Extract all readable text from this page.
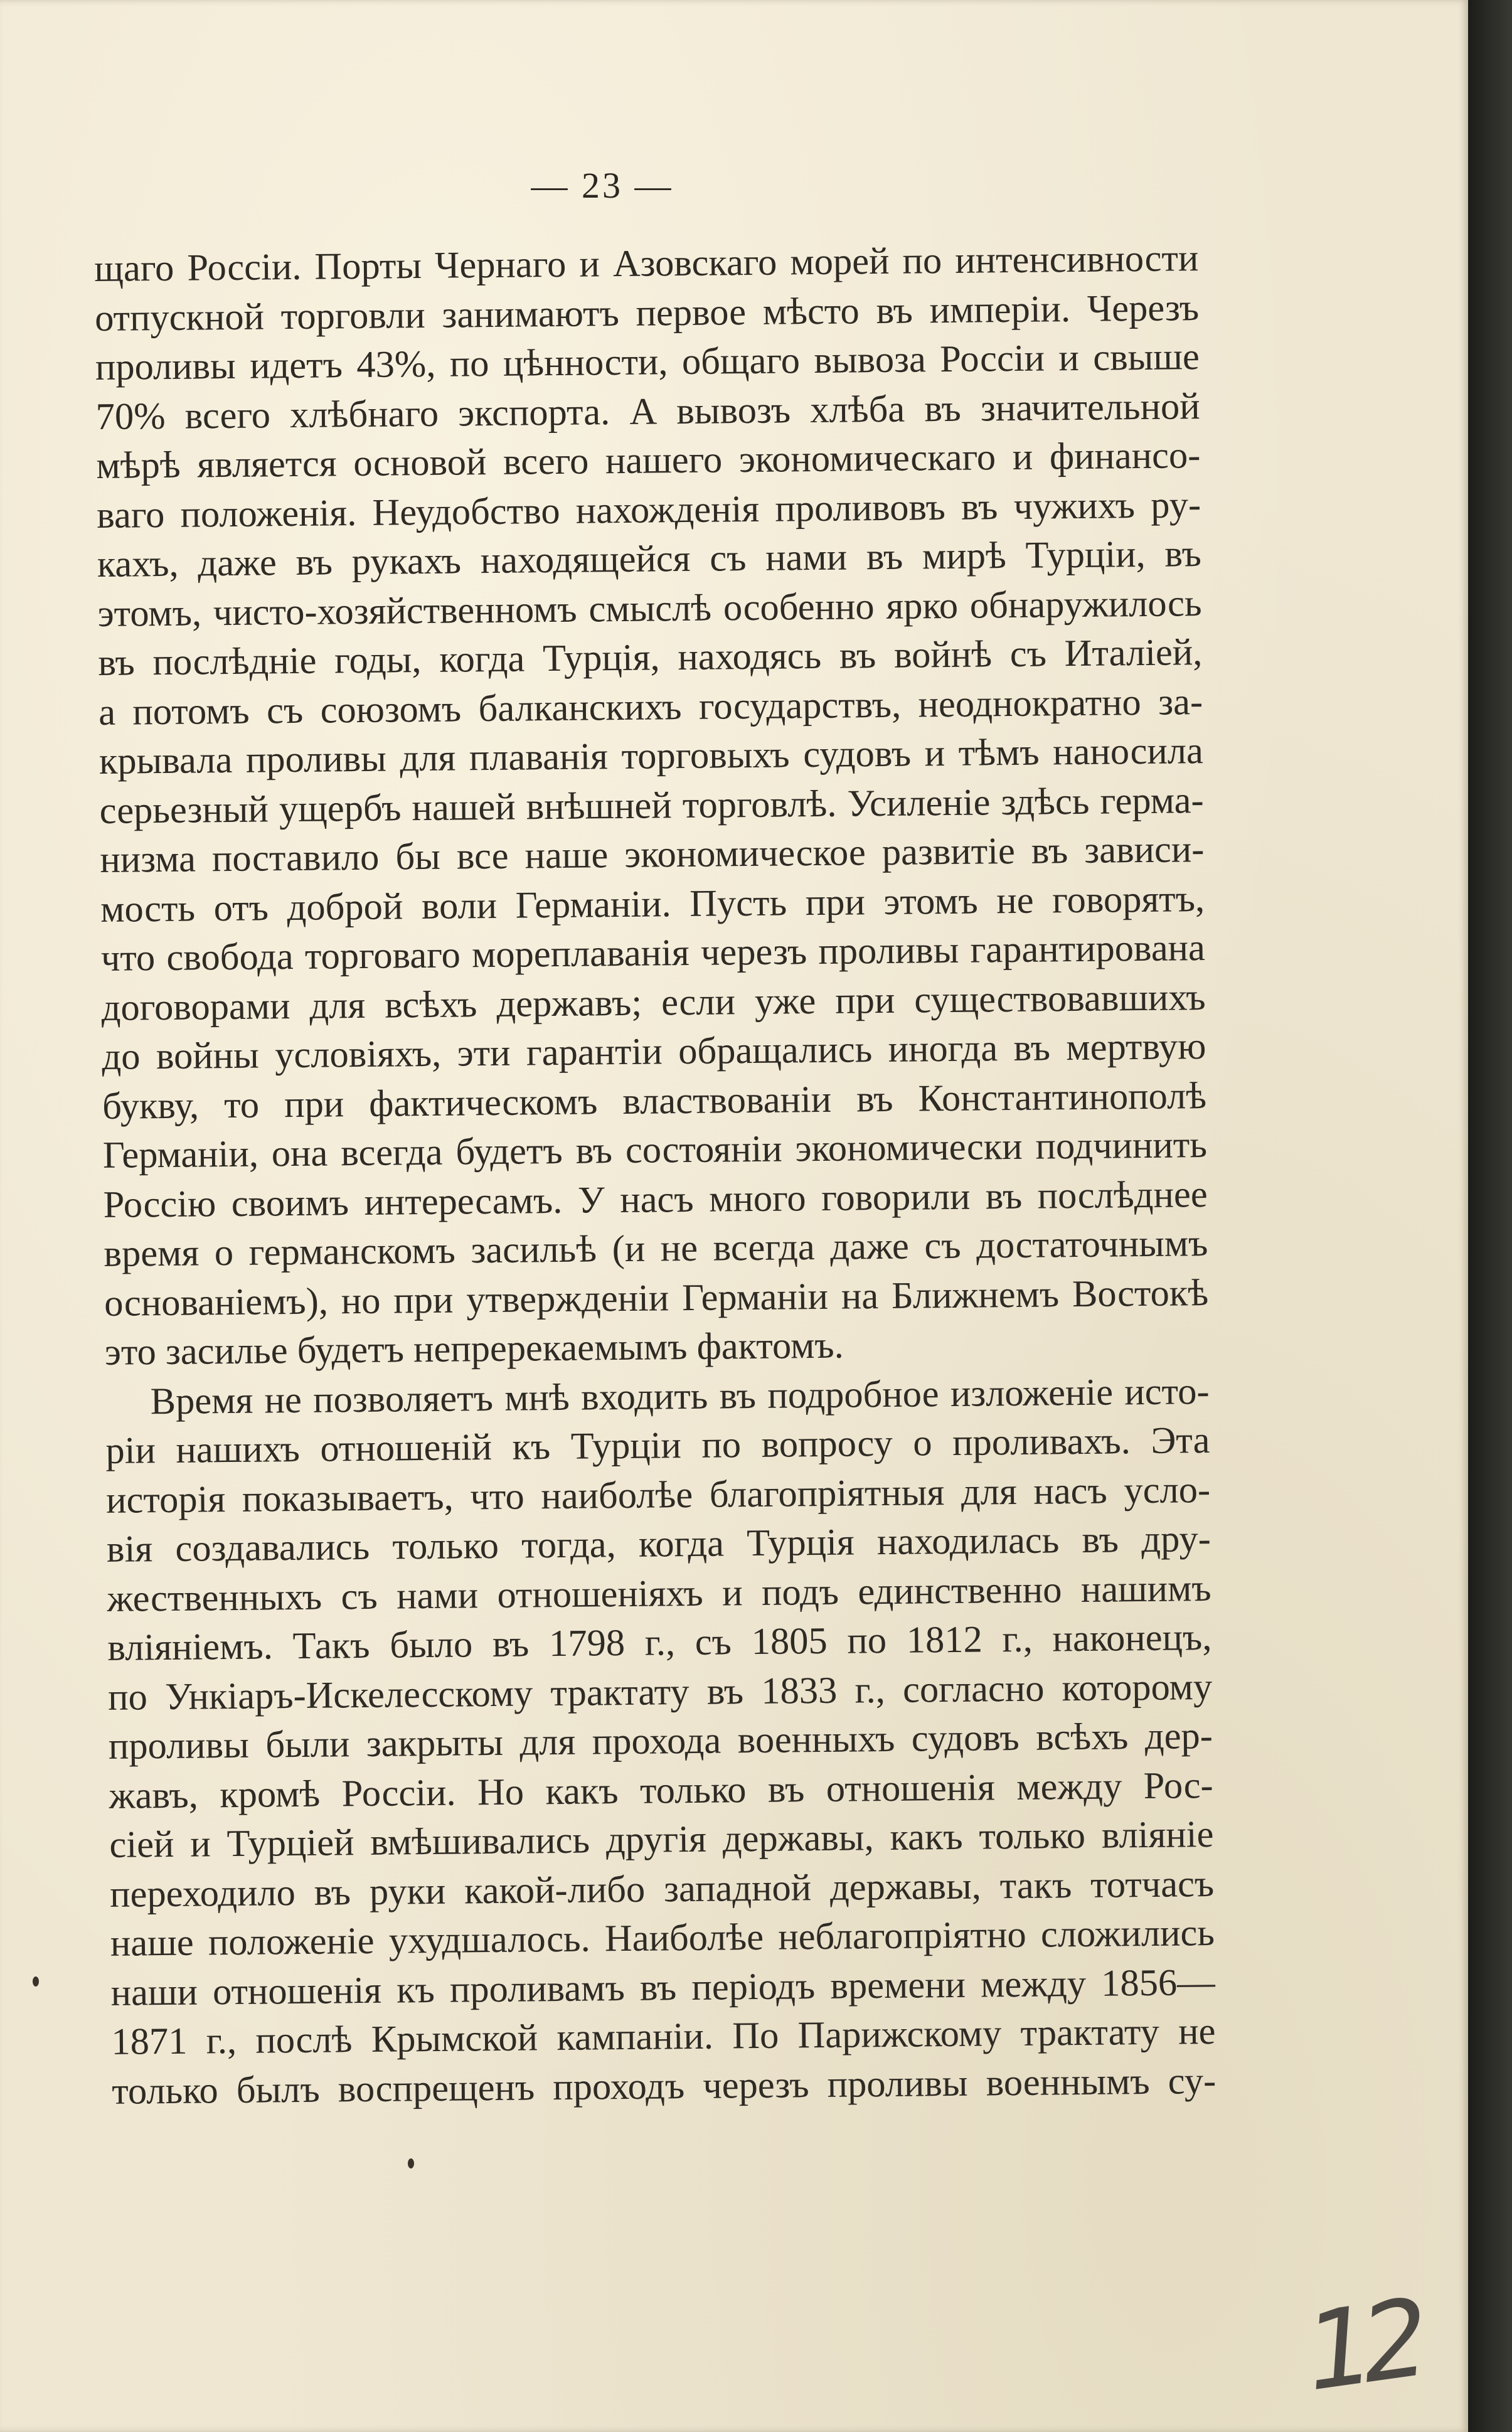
— 23 —
щаго Россіи. Порты Чернаго и Азовскаго морей по интенсивности
отпускной торговли занимаютъ первое мѣсто въ имперіи. Черезъ
проливы идетъ 43%, по цѣнности, общаго вывоза Россіи и свыше
70% всего хлѣбнаго экспорта. А вывозъ хлѣба въ значительной
мѣрѣ является основой всего нашего экономическаго и финансо-
ваго положенія. Неудобство нахожденія проливовъ въ чужихъ ру-
кахъ, даже въ рукахъ находящейся съ нами въ мирѣ Турціи, въ
этомъ, чисто-хозяйственномъ смыслѣ особенно ярко обнаружилось
въ послѣдніе годы, когда Турція, находясь въ войнѣ съ Италіей,
а потомъ съ союзомъ балканскихъ государствъ, неоднократно за-
крывала проливы для плаванія торговыхъ судовъ и тѣмъ наносила
серьезный ущербъ нашей внѣшней торговлѣ. Усиленіе здѣсь герма-
низма поставило бы все наше экономическое развитіе въ зависи-
мость отъ доброй воли Германіи. Пусть при этомъ не говорятъ,
что свобода торговаго мореплаванія черезъ проливы гарантирована
договорами для всѣхъ державъ; если уже при существовавшихъ
до войны условіяхъ, эти гарантіи обращались иногда въ мертвую
букву, то при фактическомъ властвованіи въ Константинополѣ
Германіи, она всегда будетъ въ состояніи экономически подчинить
Россію своимъ интересамъ. У насъ много говорили въ послѣднее
время о германскомъ засильѣ (и не всегда даже съ достаточнымъ
основаніемъ), но при утвержденіи Германіи на Ближнемъ Востокѣ
это засилье будетъ непререкаемымъ фактомъ.
Время не позволяетъ мнѣ входить въ подробное изложеніе исто-
ріи нашихъ отношеній къ Турціи по вопросу о проливахъ. Эта
исторія показываетъ, что наиболѣе благопріятныя для насъ усло-
вія создавались только тогда, когда Турція находилась въ дру-
жественныхъ съ нами отношеніяхъ и подъ единственно нашимъ
вліяніемъ. Такъ было въ 1798 г., съ 1805 по 1812 г., наконецъ,
по Ункіаръ-Искелесскому трактату въ 1833 г., согласно которому
проливы были закрыты для прохода военныхъ судовъ всѣхъ дер-
жавъ, кромѣ Россіи. Но какъ только въ отношенія между Рос-
сіей и Турціей вмѣшивались другія державы, какъ только вліяніе
переходило въ руки какой-либо западной державы, такъ тотчасъ
наше положеніе ухудшалось. Наиболѣе неблагопріятно сложились
наши отношенія къ проливамъ въ періодъ времени между 1856—
1871 г., послѣ Крымской кампаніи. По Парижскому трактату не
только былъ воспрещенъ проходъ черезъ проливы военнымъ су-
12
